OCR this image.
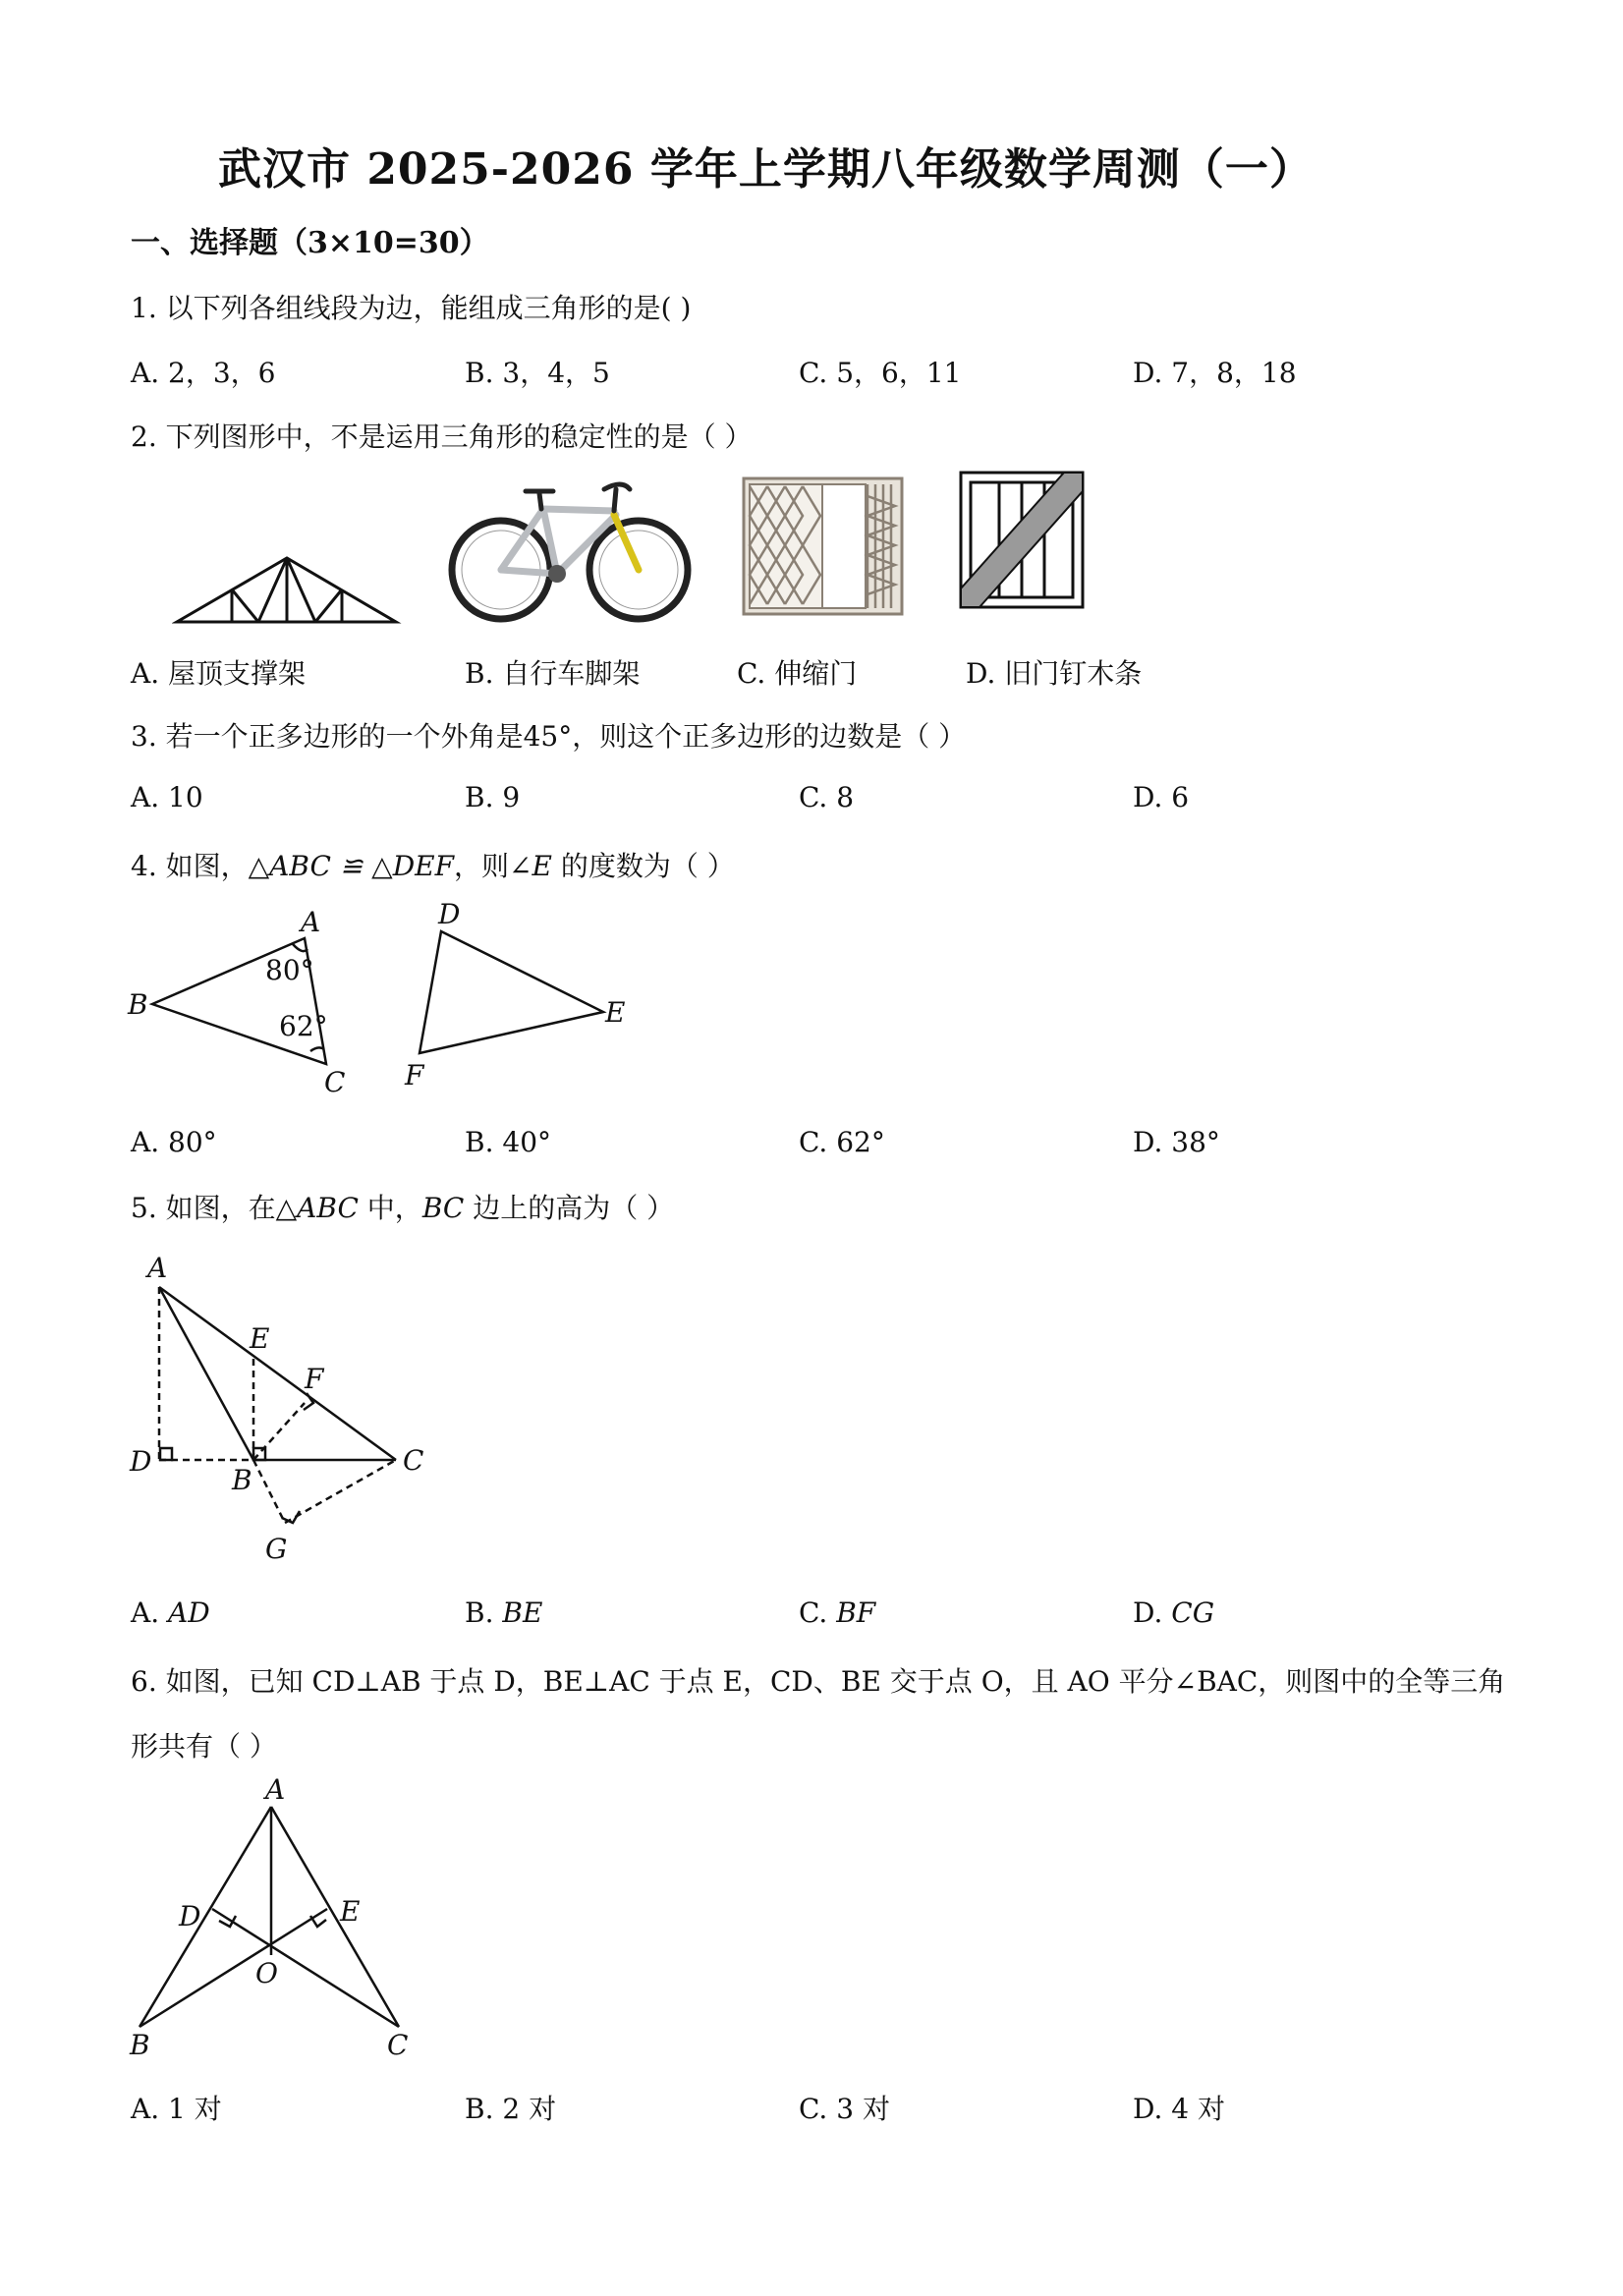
武汉市 2025-2026 学年上学期八年级数学周测（一）
一、选择题（3×10=30）
1. 以下列各组线段为边，能组成三角形的是( )
A. 2，3，6	B. 3，4，5	C. 5，6，11	D. 7，8，18
2. 下列图形中，不是运用三角形的稳定性的是（ ）
A. 屋顶支撑架	B. 自行车脚架	C. 伸缩门	D. 旧门钉木条
3. 若一个正多边形的一个外角是45°，则这个正多边形的边数是（ ）
A. 10	B. 9	C. 8	D. 6
4. 如图，△ABC ≌ △DEF，则∠E 的度数为（ ）
B
A
C
D
E
F
80°
62°
A. 80°	B. 40°	C. 62°	D. 38°
5. 如图，在△ABC 中，BC 边上的高为（ ）
A
E
F
D
B
C
G
A. AD	B. BE	C. BF	D. CG
6. 如图，已知 CD⊥AB 于点 D，BE⊥AC 于点 E，CD、BE 交于点 O，且 AO 平分∠BAC，则图中的全等三角
形共有（ ）
A
D	E
O
B	C
A. 1 对	B. 2 对	C. 3 对	D. 4 对
